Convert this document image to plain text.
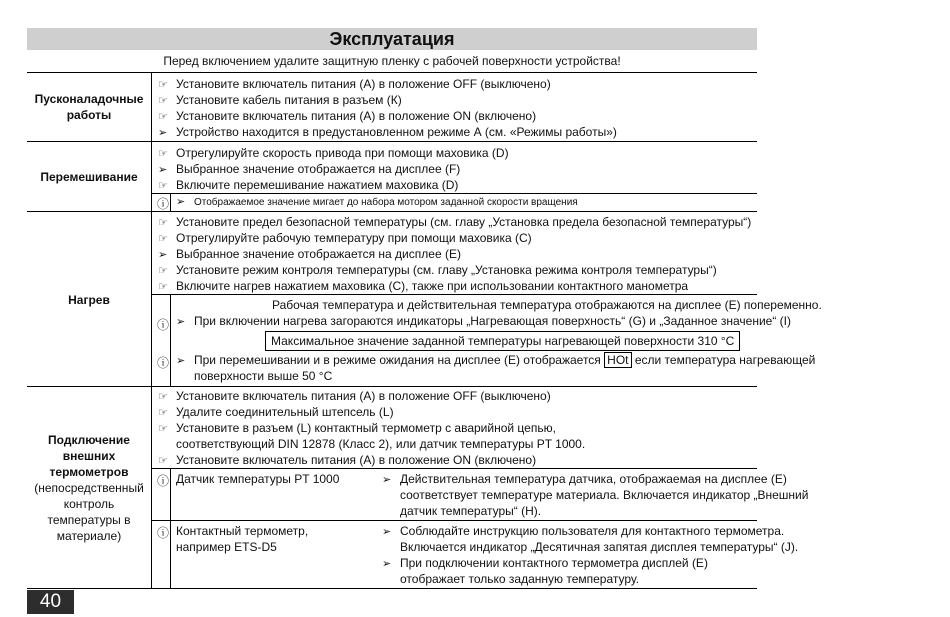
Эксплуатация
Перед включением удалите защитную пленку с рабочей поверхности устройства!
Пусконаладочные работы
☞ Установите включатель питания (А) в положение OFF (выключено)
☞ Установите кабель питания в разъем (К)
☞ Установите включатель питания (А) в положение ON (включено)
➢ Устройство находится в предустановленном режиме А (см. «Режимы работы»)
Перемешивание
☞ Отрегулируйте скорость привода при помощи маховика (D)
➢ Выбранное значение отображается на дисплее (F)
☞ Включите перемешивание нажатием маховика (D)
ⓘ ➢ Отображаемое значение мигает до набора мотором заданной скорости вращения
Нагрев
☞ Установите предел безопасной температуры (см. главу „Установка предела безопасной температуры“)
☞ Отрегулируйте рабочую температуру при помощи маховика (С)
➢ Выбранное значение отображается на дисплее (Е)
☞ Установите режим контроля температуры (см. главу „Установка режима контроля температуры“)
☞ Включите нагрев нажатием маховика (С), также при использовании контактного манометра
Рабочая температура и действительная температура отображаются на дисплее (Е) попеременно.
ⓘ ➢ При включении нагрева загораются индикаторы „Нагревающая поверхность“ (G) и „Заданное значение“ (I)
Максимальное значение заданной температуры нагревающей поверхности 310 °С
ⓘ ➢ При перемешивании и в режиме ожидания на дисплее (Е) отображается HOt если температура нагревающей
поверхности выше 50 °С
Подключение
внешних
термометров
(непосредственный
контроль
температуры в
материале)
☞ Установите включатель питания (А) в положение OFF (выключено)
☞ Удалите соединительный штепсель (L)
☞ Установите в разъем (L) контактный термометр с аварийной цепью,
соответствующий DIN 12878 (Класс 2), или датчик температуры PT 1000.
☞ Установите включатель питания (А) в положение ON (включено)
ⓘ Датчик температуры PT 1000	➢ Действительная температура датчика, отображаемая на дисплее (Е)
соответствует температуре материала. Включается индикатор „Внешний
датчик температуры“ (Н).
ⓘ Контактный термометр,
например ETS-D5
➢ Соблюдайте инструкцию пользователя для контактного термометра.
Включается индикатор „Десятичная запятая дисплея температуры“ (J).
➢ При подключении контактного термометра дисплей (Е)
отображает только заданную температуру.
40
